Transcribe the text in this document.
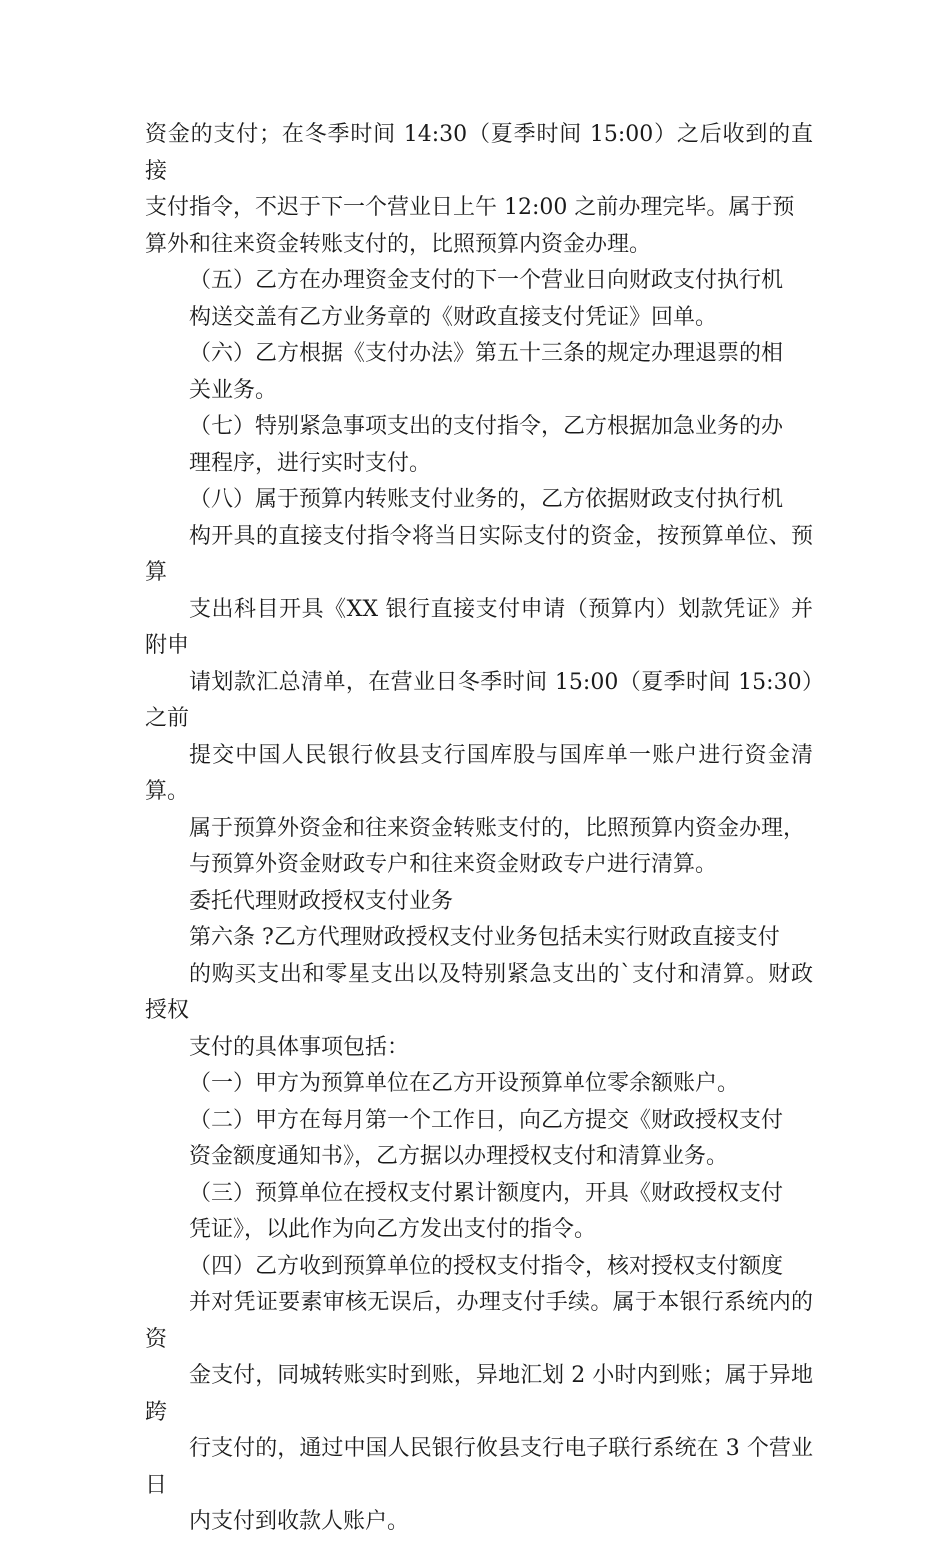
资金的支付；在冬季时间 14:30（夏季时间 15:00）之后收到的直接
支付指令，不迟于下一个营业日上午 12:00 之前办理完毕。属于预
算外和往来资金转账支付的，比照预算内资金办理。

（五）乙方在办理资金支付的下一个营业日向财政支付执行机
构送交盖有乙方业务章的《财政直接支付凭证》回单。

（六）乙方根据《支付办法》第五十三条的规定办理退票的相
关业务。

（七）特别紧急事项支出的支付指令，乙方根据加急业务的办
理程序，进行实时支付。

（八）属于预算内转账支付业务的，乙方依据财政支付执行机
构开具的直接支付指令将当日实际支付的资金，按预算单位、预算
支出科目开具《XX 银行直接支付申请（预算内）划款凭证》并附申
请划款汇总清单，在营业日冬季时间 15:00（夏季时间 15:30）之前
提交中国人民银行攸县支行国库股与国库单一账户进行资金清算。

属于预算外资金和往来资金转账支付的，比照预算内资金办理，
与预算外资金财政专户和往来资金财政专户进行清算。

委托代理财政授权支付业务

第六条 ?乙方代理财政授权支付业务包括未实行财政直接支付
的购买支出和零星支出以及特别紧急支出的`支付和清算。财政授权
支付的具体事项包括：

（一）甲方为预算单位在乙方开设预算单位零余额账户。

（二）甲方在每月第一个工作日，向乙方提交《财政授权支付
资金额度通知书》，乙方据以办理授权支付和清算业务。

（三）预算单位在授权支付累计额度内，开具《财政授权支付
凭证》，以此作为向乙方发出支付的指令。

（四）乙方收到预算单位的授权支付指令，核对授权支付额度
并对凭证要素审核无误后，办理支付手续。属于本银行系统内的资
金支付，同城转账实时到账，异地汇划 2 小时内到账；属于异地跨
行支付的，通过中国人民银行攸县支行电子联行系统在 3 个营业日
内支付到收款人账户。
